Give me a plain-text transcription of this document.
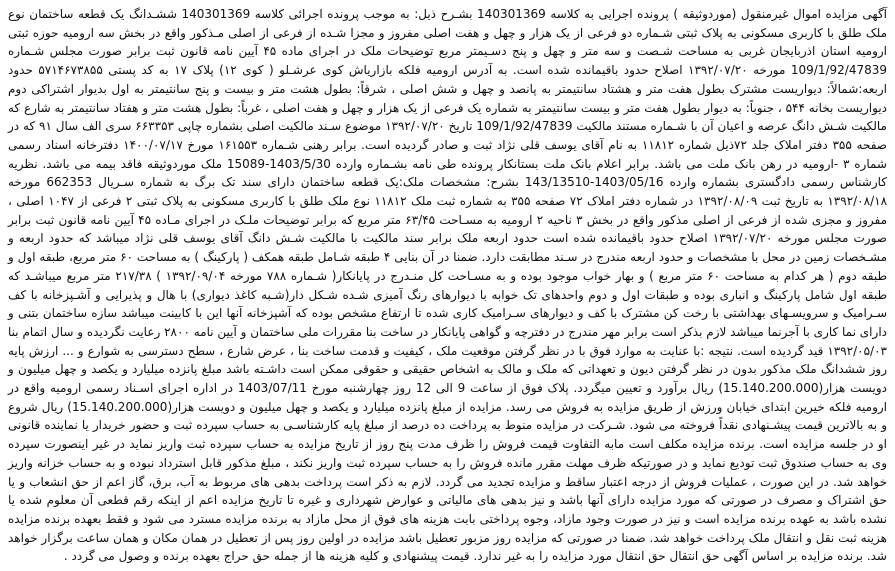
آگهی مزایده اموال غیرمنقول (موردوثیقه ) پرونده اجرایی به کلاسه 140301369 بشـرح ذیل: به موجب پرونده اجرائی کلاسه 140301369 ششـدانگ یک قطعه ساختمان نوع ملک طلق با کاربری مسکونی به پلاک ثبتی شـماره دو فرعی از یک هزار و چهل و هفت اصلی مفروز و مجزا شـده از فرعی از اصلی مـذکور واقع در بخش سه ارومیه حوزه ثبتی ارومیه استان اذربایجان غربی به مساحت شـصت و سه متر و چهل و پنج دسـیمتر مربع توضیحات ملک در اجرای ماده ۴۵ آیین نامه قانون ثبت برابر صورت مجلس شـماره 109/1/92/47839 مورخه ۱۳۹۲/۰۷/۲۰ اصلاح حدود باقیمانده شده است. به آدرس ارومیه فلکه بازاریاش کوی عرشـلو ( کوی ۱۲) پلاک ۱۷ به کد پستی ۵۷۱۴۶۷۳۸۵۵ حدود اربعه:شمالاً: دیواریست مشترک بطول هفت متر و هشتاد سانتیمتر به پانصد و چهل و شش اصلی ، شرقاً: بطول هشت متر و بیست و پنج سانتیمتر به اول بدیوار اشتراکی دوم دیواریست بخانه ۵۴۴ ، جنوباً: به دیوار بطول هفت متر و بیست سانتیمتر به شماره یک فرعی از یک هزار و چهل و هفت اصلی ، غرباً: بطول هشت متر و هفتاد سانتیمتر به شارع که مالکیت شـش دانگ عرصه و اعیان آن با شـماره مستند مالکیت 109/1/92/47839 تاریخ ۱۳۹۲/۰۷/۲۰ موضوع سـند مالکیت اصلی بشماره چاپی ۶۶۳۳۵۳ سری الف سال ۹۱ که در صفحه ۳۵۵ دفتر املاک جلد ۷۲ذیل شماره ۱۱۸۱۲ به نام آقای یوسف قلی نژاد ثبت و صادر گردیده است. برابر رهنی شـماره ۱۶۱۵۵۳ مورخ ۱۴۰۰/۰۷/۱۷ دفترخانه اسناد رسمی شماره ۳ -ارومیه در رهن بانک ملت می باشد. برابر اعلام بانک ملت بستانکار پرونده طی نامه بشـماره وارده 1403/5/30-15089 ملک موردوثیقه فاقد بیمه می باشد. نظریه کارشناس رسمی دادگستری بشماره وارده 1403/05/16-143/13510 بشرح: مشخصات ملک:یک قطعه ساختمان دارای سند تک برگ به شماره سـریال 662353 مورخه ۱۳۹۲/۰۸/۱۸ به تاریخ ثبت ۱۳۹۲/۰۸/۰۹ در شماره دفتر املاک ۷۲ صفحه ۳۵۵ به شماره ثبت ملک ۱۱۸۱۲ نوع ملک طلق با کاربری مسکونی به پلاک ثبتی ۲ فرعی از ۱۰۴۷ اصلی ، مفروز و مجزی شده از فرعی از اصلی مذکور واقع در بخش ۳ ناحیه ۲ ارومیه به مسـاحت ۶۳/۴۵ متر مربع که برابر توضیحات ملـک در اجرای مـاده ۴۵ آیین نامه قانون ثبت برابر صورت مجلس مورخه ۱۳۹۲/۰۷/۲۰ اصلاح حدود باقیمانده شده است حدود اربعه ملک برابر سند مالکیت با مالکیت شـش دانگ آقای یوسف قلی نژاد میباشد که حدود اربعه و مشـخصات زمین در محل با مشخصات و حدود اربعه مندرج در سـند مطابقت دارد. ضمنا در آن بنایی ۴ طبقه شـامل طبقه همکف ( پارکینگ ) به مساحت ۶۰ متر مربع، طبقه اول و طبقه دوم ( هر کدام به مساحت ۶۰ متر مربع ) و بهار خواب موجود بوده و به مسـاحت کل منـدرج در پایانکار( شـماره ۷۸۸ مورخه ۱۳۹۲/۰۹/۰۴ ) ۲۱۷/۳۸ متر مربع میباشـد که طبقه اول شامل پارکینگ و انباری بوده و طبقات اول و دوم واحدهای تک خوابه با دیوارهای رنگ آمیزی شـده شـکل دار(شـبه کاغذ دیواری) با هال و پذیرایی و آشـپزخانه با کف سـرامیک و سرویسـهای بهداشتی با رخت کن مشترک با کف و دیوارهای سـرامیک کاری شده تا ارتفاع مشخص بوده که آشپزخانه آنها این با کابینت میباشد سازه ساختمان بتنی و دارای نما کاری با آجرنما میباشد لازم بذکر است برابر مهر مندرج در دفترچه و گواهی پایانکار در ساخت بنا مقررات ملی ساختمان و آیین نامه ۲۸۰۰ رعایت نگردیده و سال اتمام بنا ۱۳۹۲/۰۵/۰۳ قید گردیده است. نتیجه :با عنایت به موارد فوق با در نظر گرفتن موقعیت ملک ، کیفیت و قدمت ساخت بنا ، عرض شارع ، سطح دسترسی به شوارع و ... ارزش پایه روز ششدانگ ملک مذکور بدون در نظر گرفتن دیون و تعهداتی که ملک و مالک به اشخاص حقیقی و حقوقی ممکن است داشـته باشد مبلغ پانزده میلیارد و یکصد و چهل میلیون و دویست هزار(15.140.200.000) ریال برآورد و تعیین میگردد. پلاک فوق از ساعت 9 الی 12 روز چهارشنبه مورخ 1403/07/11 در اداره اجرای اسـناد رسمی ارومیه واقع در ارومیه فلکه خیرین ابتدای خیابان ورزش از طریق مزایده به فروش می رسد. مزایده از مبلغ پانزده میلیارد و یکصد و چهل میلیون و دویست هزار(15.140.200.000) ریال شروع و به بالاترین قیمت پیشـنهادی نقداً فروخته می شود. شـرکت در مزایده منوط به پرداخت ده درصد از مبلغ پایه کارشناسـی به حساب سپرده ثبت و حضور خریدار یا نماینده قانونی او در جلسه مزایده است. برنده مزایده مکلف است مابه التفاوت قیمت فروش را ظرف مدت پنج روز از تاریخ مزایده به حساب سپرده ثبت واریز نماید در غیر اینصورت سپرده وی به حساب صندوق ثبت توديع نمايد و در صورتيكه ظرف مهلت مقرر مانده فروش را به حساب سپرده ثبت واریز نکند ، مبلغ مذکور قابل استرداد نبوده و به حساب خزانه واریز خواهد شد. در این صورت ، عملیات فروش از درجه اعتبار ساقط و مزایده تجدید می گردد. لازم به ذکر است پرداخت بدهی های مربوط به آب، برق، گاز اعم از حق انشعاب و یا حق اشتراک و مصرف در صورتی که مورد مزایده دارای آنها باشد و نیز بدهی های مالیاتی و عوارض شهرداری و غیره تا تاریخ مزایده اعم از اینکه رقم قطعی آن معلوم شده یا نشده باشد به عهده برنده مزایده است و نیز در صورت وجود مازاد، وجوه پرداختی بابت هزینه های فوق از محل مازاد به برنده مزایده مسترد می شود و فقط بعهده برنده مزایده هزینه ثبت نقل و انتقال ملک پرداخت خواهد شد. ضمنا در صورتی که مزایده روز مزبور تعطیل باشد مزایده در اولین روز پس از تعطیل در همان مکان و همان ساعت برگزار خواهد شد. برنده مزایده بر اساس آگهی حق انتقال حق انتقال مورد مزایده را به غیر ندارد. قیمت پیشنهادی و کلیه هزینه ها از جمله حق حراج بعهده برنده و وصول می گردد .
